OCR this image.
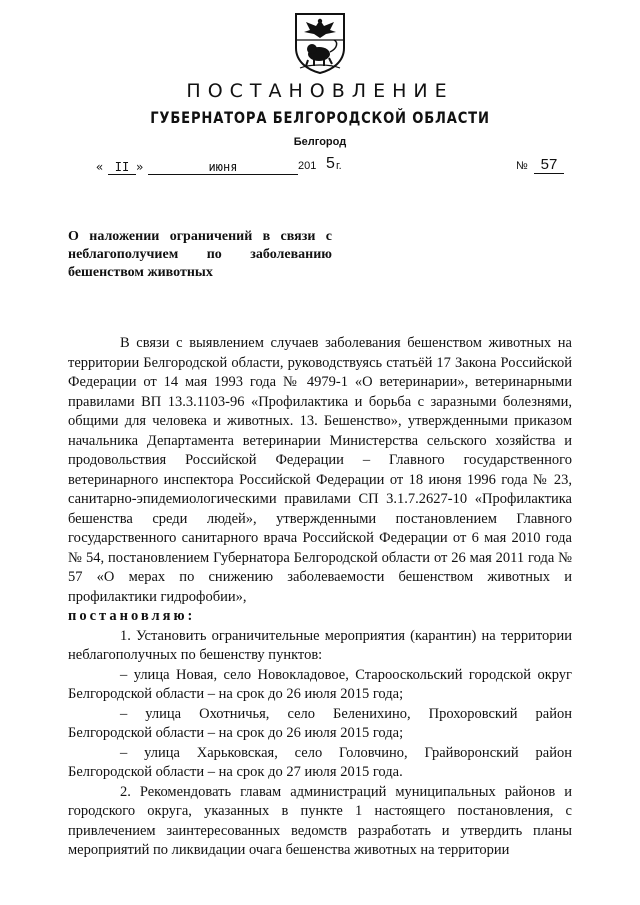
ПОСТАНОВЛЕНИЕ
ГУБЕРНАТОРА БЕЛГОРОДСКОЙ ОБЛАСТИ
Белгород
« II »	июня	201 5 г.	№ 57
О наложении ограничений в связи с неблагополучием по заболеванию бешенством животных

В связи с выявлением случаев заболевания бешенством животных на территории Белгородской области, руководствуясь статьёй 17 Закона Российской Федерации от 14 мая 1993 года № 4979-1 «О ветеринарии», ветеринарными правилами ВП 13.3.1103-96 «Профилактика и борьба с заразными болезнями, общими для человека и животных. 13. Бешенство», утвержденными приказом начальника Департамента ветеринарии Министерства сельского хозяйства и продовольствия Российской Федерации – Главного государственного ветеринарного инспектора Российской Федерации от 18 июня 1996 года № 23, санитарно-эпидемиологическими правилами СП 3.1.7.2627-10 «Профилактика бешенства среди людей», утвержденными постановлением Главного государственного санитарного врача Российской Федерации от 6 мая 2010 года № 54, постановлением Губернатора Белгородской области от 26 мая 2011 года № 57 «О мерах по снижению заболеваемости бешенством животных и профилактики гидрофобии»,

постановляю:

1. Установить ограничительные мероприятия (карантин) на территории неблагополучных по бешенству пунктов:

– улица Новая, село Новокладовое, Старооскольский городской округ Белгородской области – на срок до 26 июля 2015 года;

– улица Охотничья, село Беленихино, Прохоровский район Белгородской области – на срок до 26 июля 2015 года;

– улица Харьковская, село Головчино, Грайворонский район Белгородской области – на срок до 27 июля 2015 года.

2. Рекомендовать главам администраций муниципальных районов и городского округа, указанных в пункте 1 настоящего постановления, с привлечением заинтересованных ведомств разработать и утвердить планы мероприятий по ликвидации очага бешенства животных на территории
